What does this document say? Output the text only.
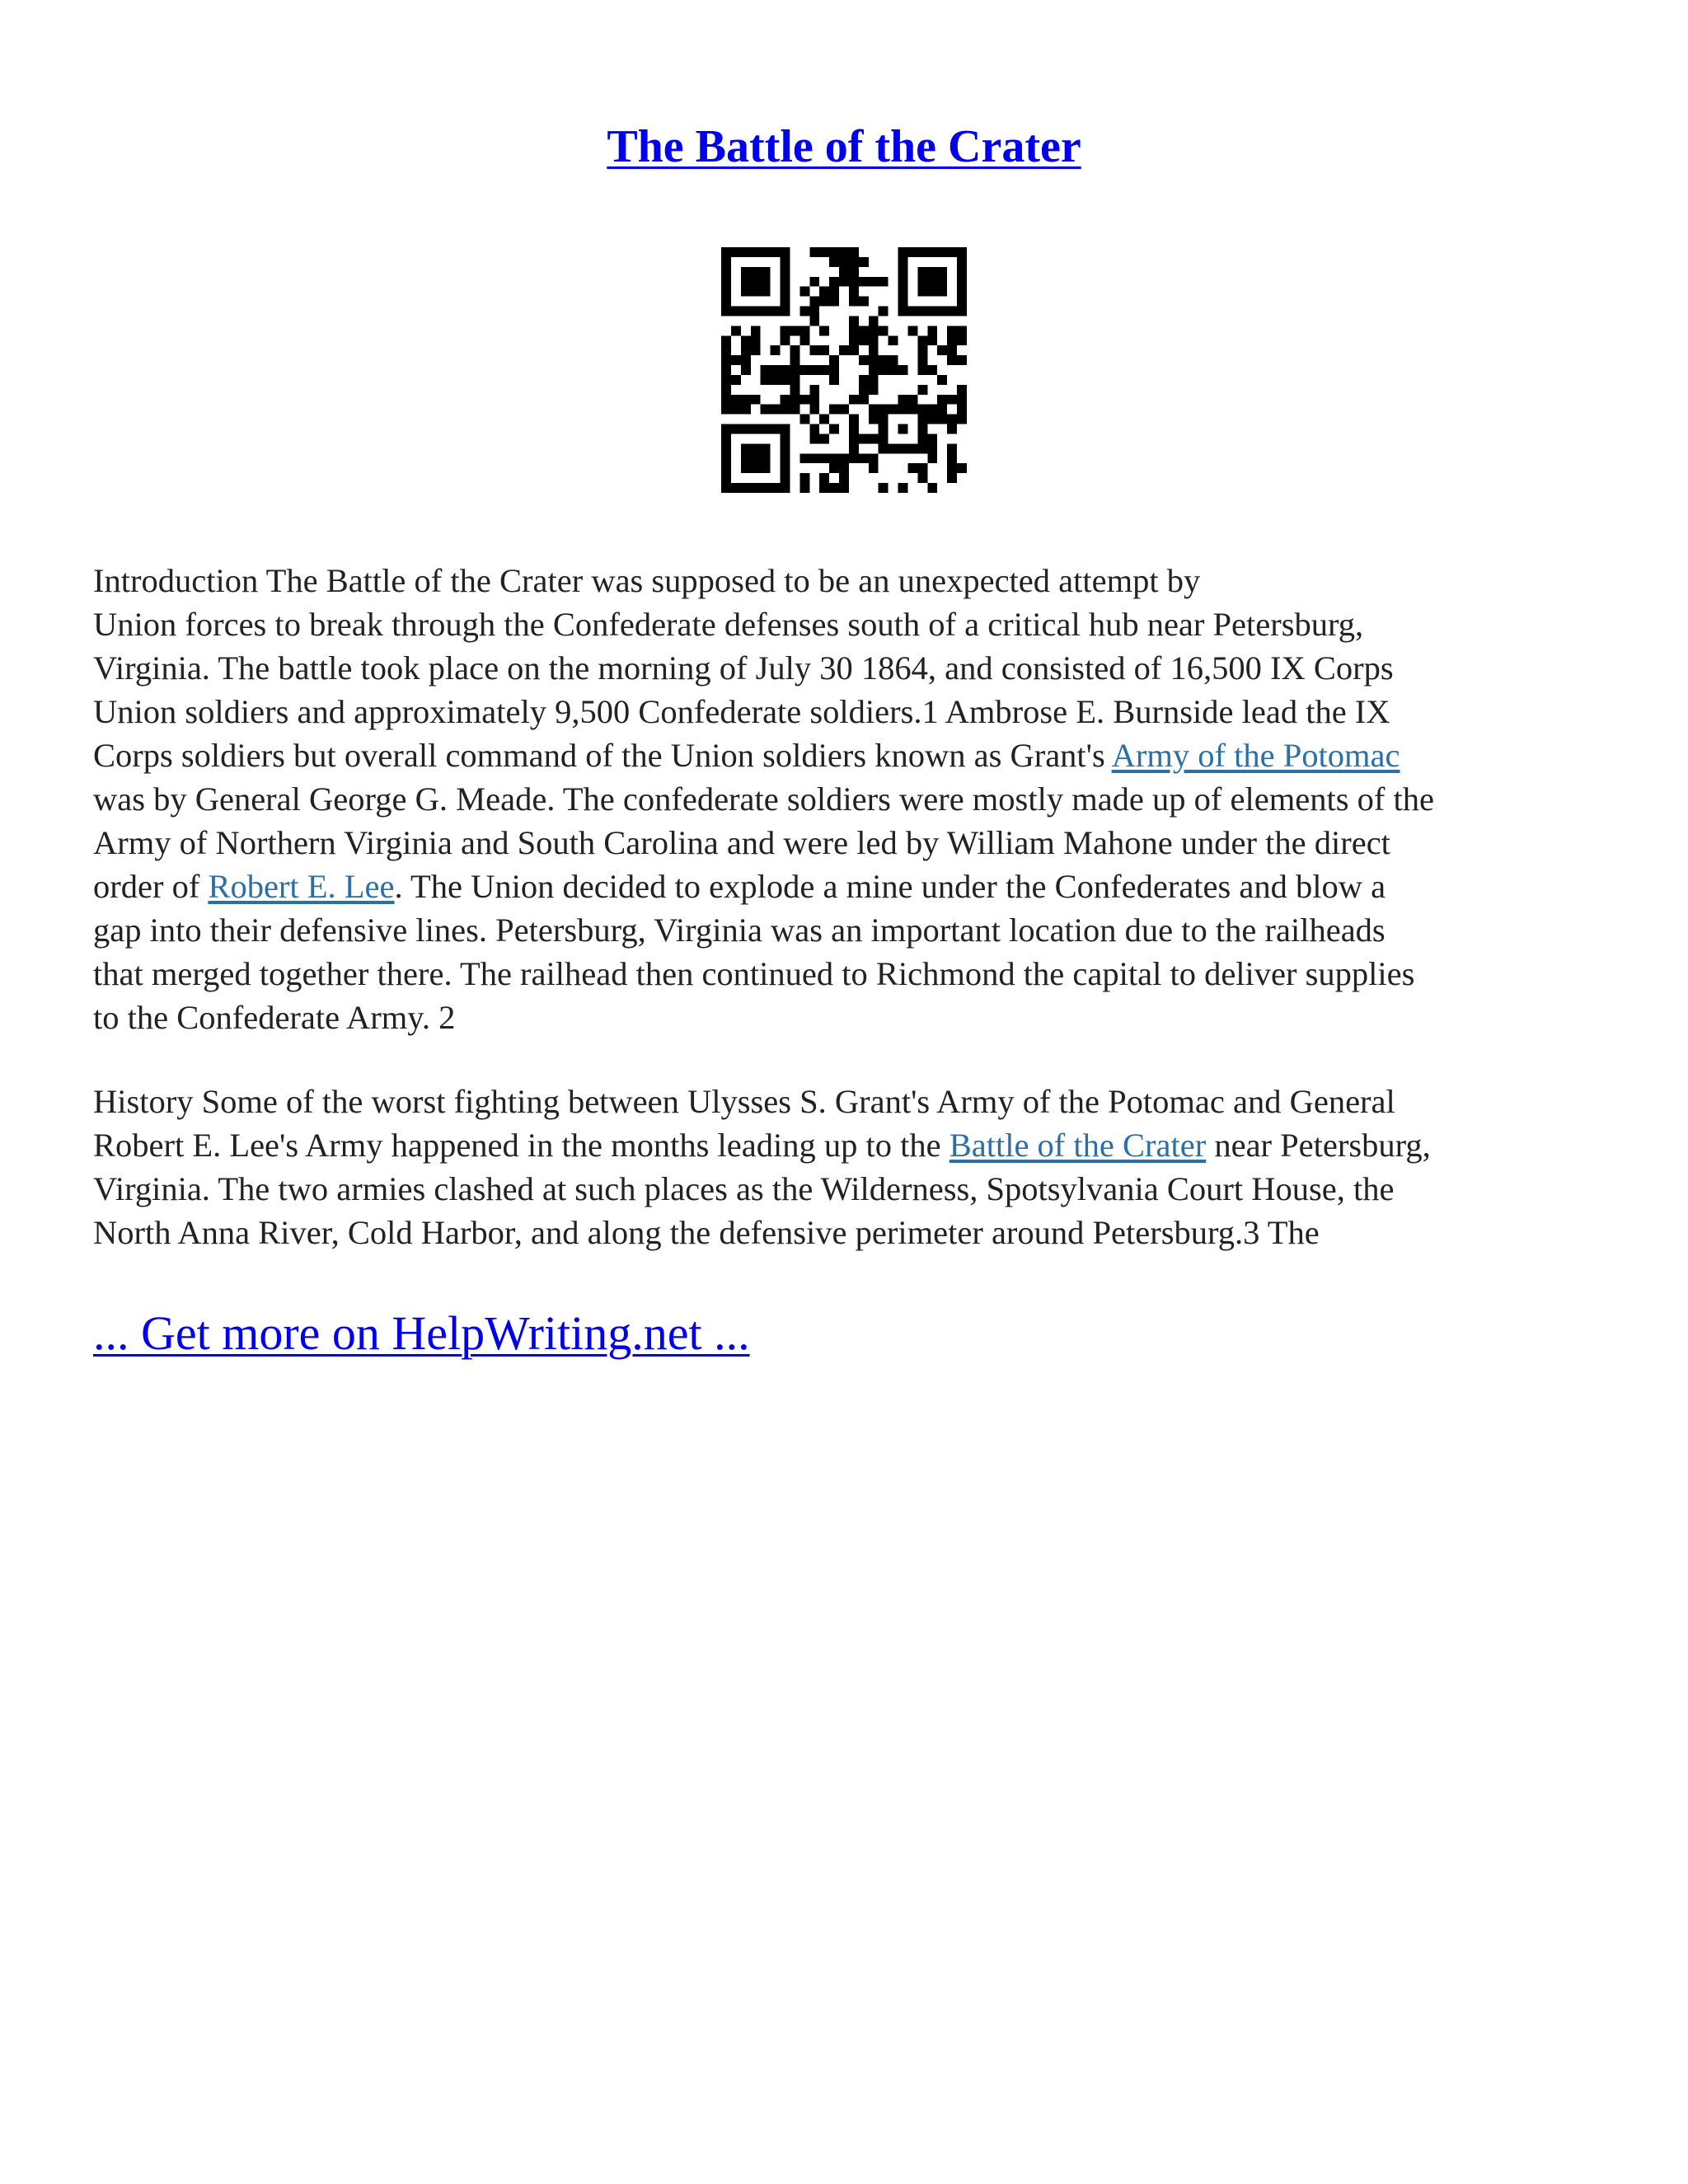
The Battle of the Crater

Introduction The Battle of the Crater was supposed to be an unexpected attempt by
Union forces to break through the Confederate defenses south of a critical hub near Petersburg,
Virginia. The battle took place on the morning of July 30 1864, and consisted of 16,500 IX Corps
Union soldiers and approximately 9,500 Confederate soldiers.1 Ambrose E. Burnside lead the IX
Corps soldiers but overall command of the Union soldiers known as Grant's Army of the Potomac
was by General George G. Meade. The confederate soldiers were mostly made up of elements of the
Army of Northern Virginia and South Carolina and were led by William Mahone under the direct
order of Robert E. Lee. The Union decided to explode a mine under the Confederates and blow a
gap into their defensive lines. Petersburg, Virginia was an important location due to the railheads
that merged together there. The railhead then continued to Richmond the capital to deliver supplies
to the Confederate Army. 2

History Some of the worst fighting between Ulysses S. Grant's Army of the Potomac and General
Robert E. Lee's Army happened in the months leading up to the Battle of the Crater near Petersburg,
Virginia. The two armies clashed at such places as the Wilderness, Spotsylvania Court House, the
North Anna River, Cold Harbor, and along the defensive perimeter around Petersburg.3 The

... Get more on HelpWriting.net ...
